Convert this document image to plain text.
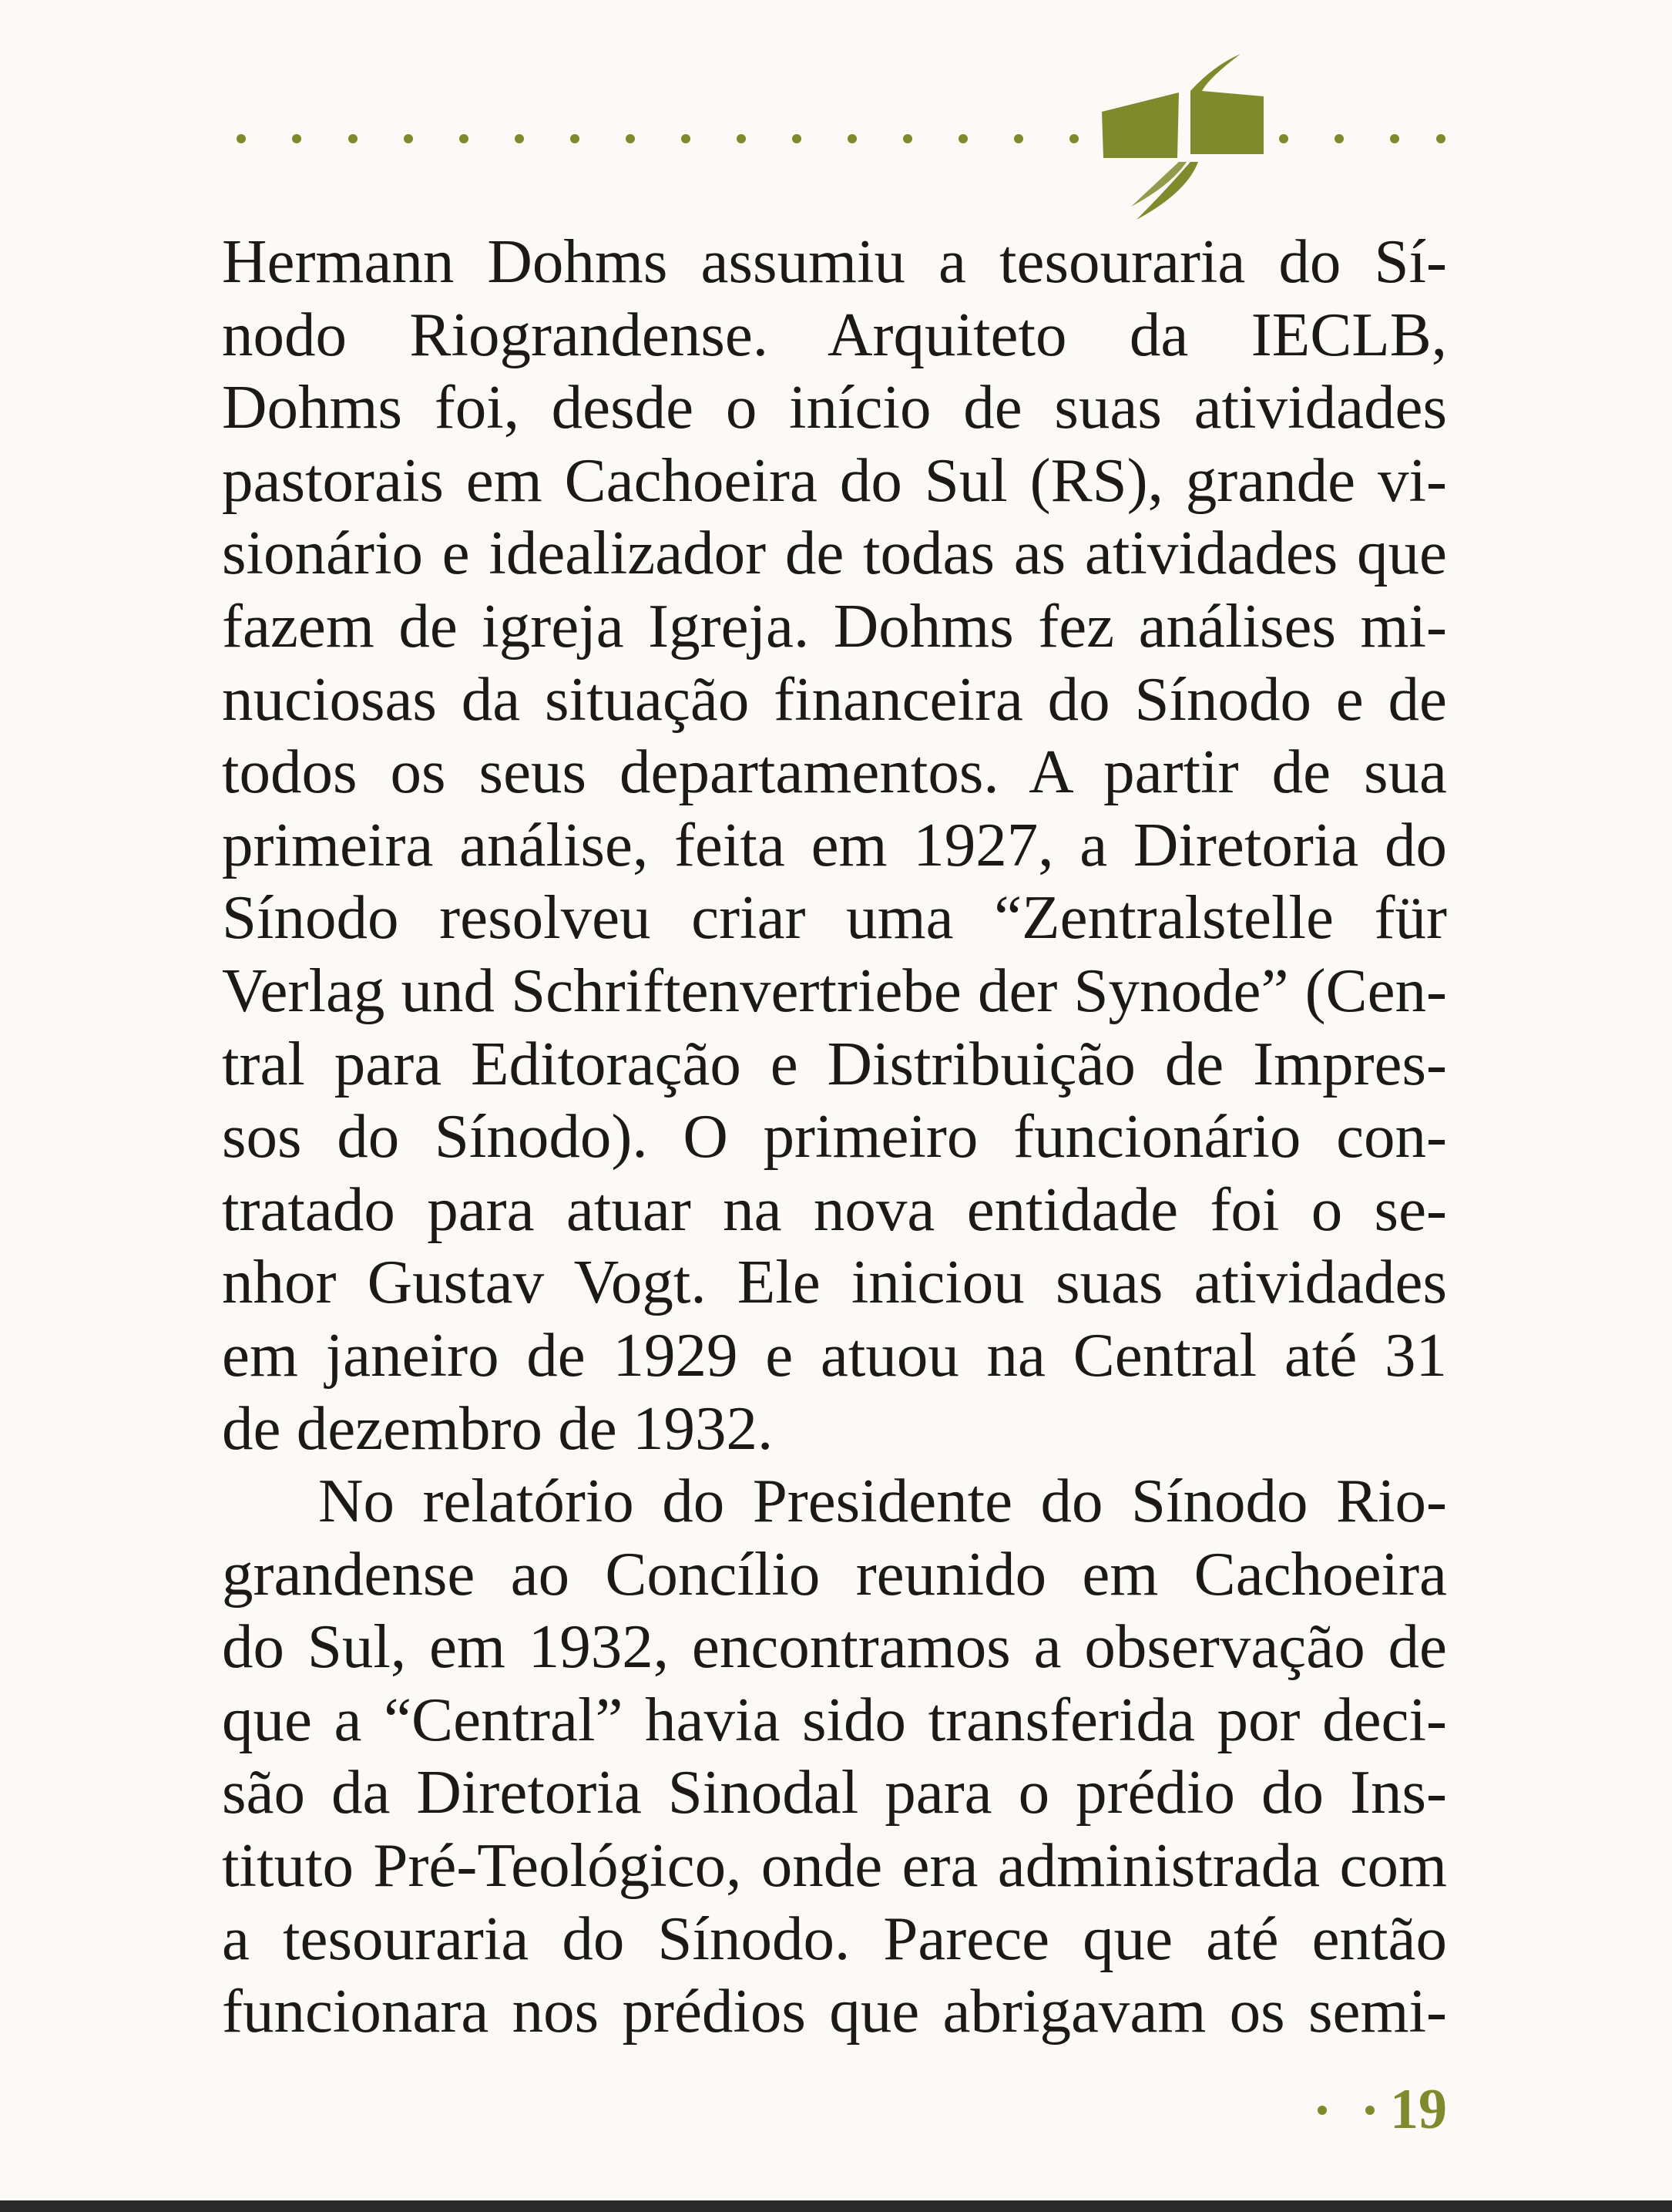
Hermann Dohms assumiu a tesouraria do Sí-
nodo Riograndense. Arquiteto da IECLB,
Dohms foi, desde o início de suas atividades
pastorais em Cachoeira do Sul (RS), grande vi-
sionário e idealizador de todas as atividades que
fazem de igreja Igreja. Dohms fez análises mi-
nuciosas da situação financeira do Sínodo e de
todos os seus departamentos. A partir de sua
primeira análise, feita em 1927, a Diretoria do
Sínodo resolveu criar uma “Zentralstelle für
Verlag und Schriftenvertriebe der Synode” (Cen-
tral para Editoração e Distribuição de Impres-
sos do Sínodo). O primeiro funcionário con-
tratado para atuar na nova entidade foi o se-
nhor Gustav Vogt. Ele iniciou suas atividades
em janeiro de 1929 e atuou na Central até 31
de dezembro de 1932.
No relatório do Presidente do Sínodo Rio-
grandense ao Concílio reunido em Cachoeira
do Sul, em 1932, encontramos a observação de
que a “Central” havia sido transferida por deci-
são da Diretoria Sinodal para o prédio do Ins-
tituto Pré-Teológico, onde era administrada com
a tesouraria do Sínodo. Parece que até então
funcionara nos prédios que abrigavam os semi-
19
